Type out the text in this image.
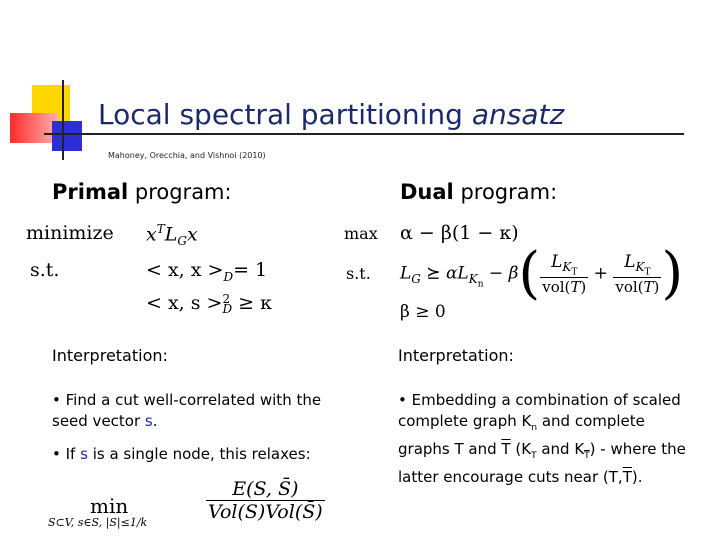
Local spectral partitioning ansatz
Mahoney, Orecchia, and Vishnoi (2010)
Primal program:
minimize $x^TL_Gx$
s.t.	< x, $x >_D= 1$
< x, s > 2
D ≥ κ
Dual program:
max α − β(1 − κ)
s.t. $L_G$ ⪰ $\alpha L_{K_n} - \beta( \frac{L_{K_T}}{\text{vol(T)}} + \frac{L_{K_T}}{\text{vol(T)}}$ )
β ≥ 0
Interpretation:
• Find a cut well-correlated with the seed vector s.
• If s is a single node, this relaxes:
min
S⊂V, s∈S, |S|≤1/k	$\frac{E(S, S̄)}{\text{Vol(S)Vol(S̄)}}$
Interpretation:
• Embedding a combination of scaled complete graph $K_n$ and complete graphs T and $\overline{T}$ ($K_T$ and $K_{\overline{T}}$) - where the latter encourage cuts near $(T,\overline{T})$.
